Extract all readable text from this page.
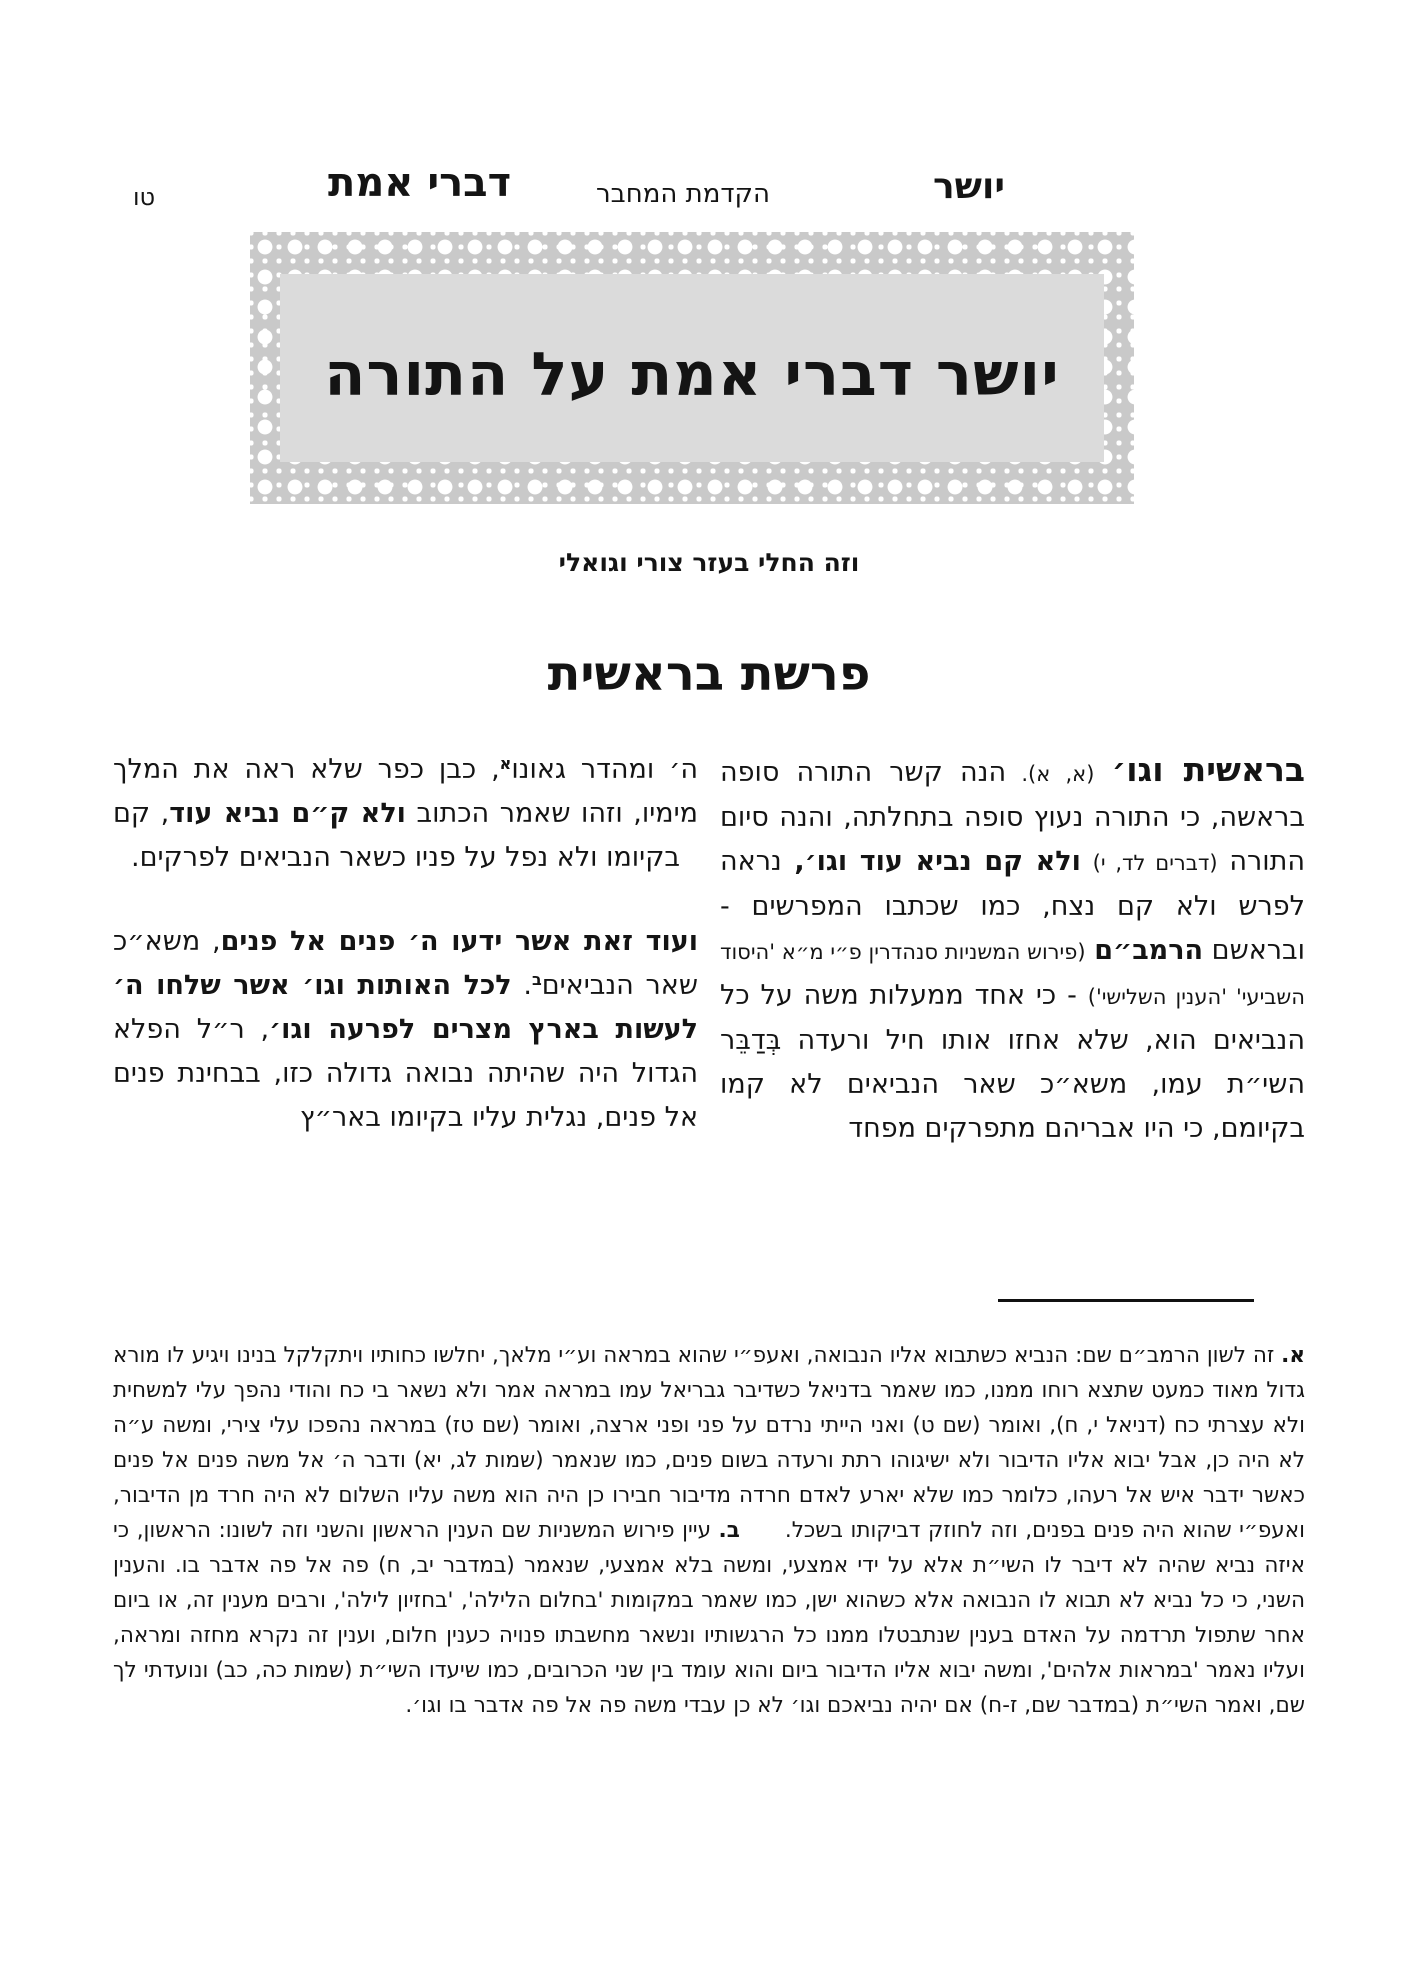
יושר
הקדמת המחבר
דברי אמת
טו
יושר דברי אמת על התורה
וזה החלי בעזר צורי וגואלי
פרשת בראשית

בראשית וגו׳ (א, א). הנה קשר התורה סופה בראשה, כי התורה נעוץ סופה בתחלתה, והנה סיום התורה (דברים לד, י) ולא קם נביא עוד וגו׳, נראה לפרש ולא קם נצח, כמו שכתבו המפרשים - ובראשם הרמב״ם (פירוש המשניות סנהדרין פ״י מ״א 'היסוד השביעי' 'הענין השלישי') - כי אחד ממעלות משה על כל הנביאים הוא, שלא אחזו אותו חיל ורעדה בְּדַבֵּר השי״ת עמו, משא״כ שאר הנביאים לא קמו בקיומם, כי היו אבריהם מתפרקים מפחד

ה׳ ומהדר גאונו$^א$, כבן כפר שלא ראה את המלך מימיו, וזהו שאמר הכתוב ולא ק״ם נביא עוד, קם בקיומו ולא נפל על פניו כשאר הנביאים לפרקים.

ועוד זאת אשר ידעו ה׳ פנים אל פנים, משא״כ שאר הנביאים$^ב$. לכל האותות וגו׳ אשר שלחו ה׳ לעשות בארץ מצרים לפרעה וגו׳, ר״ל הפלא הגדול היה שהיתה נבואה גדולה כזו, בבחינת פנים אל פנים, נגלית עליו בקיומו באר״ץ

א. זה לשון הרמב״ם שם: הנביא כשתבוא אליו הנבואה, ואעפ״י שהוא במראה וע״י מלאך, יחלשו כחותיו ויתקלקל בנינו ויגיע לו מורא גדול מאוד כמעט שתצא רוחו ממנו, כמו שאמר בדניאל כשדיבר גבריאל עמו במראה אמר ולא נשאר בי כח והודי נהפך עלי למשחית ולא עצרתי כח (דניאל י, ח), ואומר (שם ט) ואני הייתי נרדם על פני ופני ארצה, ואומר (שם טז) במראה נהפכו עלי צירי, ומשה ע״ה לא היה כן, אבל יבוא אליו הדיבור ולא ישיגוהו רתת ורעדה בשום פנים, כמו שנאמר (שמות לג, יא) ודבר ה׳ אל משה פנים אל פנים כאשר ידבר איש אל רעהו, כלומר כמו שלא יארע לאדם חרדה מדיבור חבירו כן היה הוא משה עליו השלום לא היה חרד מן הדיבור, ואעפ״י שהוא היה פנים בפנים, וזה לחוזק דביקותו בשכל.  ב. עיין פירוש המשניות שם הענין הראשון והשני וזה לשונו: הראשון, כי איזה נביא שהיה לא דיבר לו השי״ת אלא על ידי אמצעי, ומשה בלא אמצעי, שנאמר (במדבר יב, ח) פה אל פה אדבר בו. והענין השני, כי כל נביא לא תבוא לו הנבואה אלא כשהוא ישן, כמו שאמר במקומות 'בחלום הלילה', 'בחזיון לילה', ורבים מענין זה, או ביום אחר שתפול תרדמה על האדם בענין שנתבטלו ממנו כל הרגשותיו ונשאר מחשבתו פנויה כענין חלום, וענין זה נקרא מחזה ומראה, ועליו נאמר 'במראות אלהים', ומשה יבוא אליו הדיבור ביום והוא עומד בין שני הכרובים, כמו שיעדו השי״ת (שמות כה, כב) ונועדתי לך שם, ואמר השי״ת (במדבר שם, ז-ח) אם יהיה נביאכם וגו׳ לא כן עבדי משה פה אל פה אדבר בו וגו׳.
